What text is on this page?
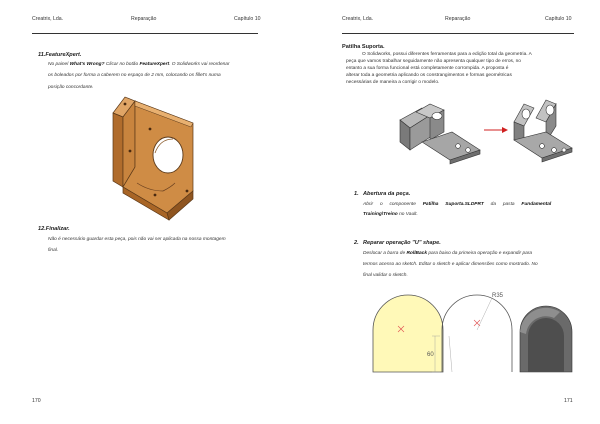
Creatrix, Lda.	Reparação	Capítulo 10
11.FeatureXpert.
No painel What's Wrong? Clicar no botão FeatureXpert. O Solidworks vai reordenar
os boleados por forma a caberem no espaço de 2 mm, colocando os fillet's numa
posição concordante.
12.Finalizar.
Não é necessário guardar esta peça, pois não vai ser aplicada na nossa montagem
final.
170
Creatrix, Lda.	Reparação	Capítulo 10
Patilha Suporta.
O Solidworks, possui diferentes ferramentas para a edição total da geometria. A
peça que vamos trabalhar seguidamente não apresenta qualquer tipo de erros, no
entanto a sua forma funcional está completamente corrompida. A proposta é
alterar toda a geometria aplicando os constrangimentos e formas geométricas
necessárias de maneira a corrigir o modelo.
1. Abertura da peça.
Abrir o componente Patilha Suporta.SLDPRT da pasta Fundamental
Training\Treino no Vault.
2. Reparar operação "U" shape.
Deslocar a barra de RollBack para baixo da primeira operação e expandir para
termos acesso ao sketch. Editar o sketch e aplicar dimensões como mostrado. No
final validar o sketch.
R35
60
171
